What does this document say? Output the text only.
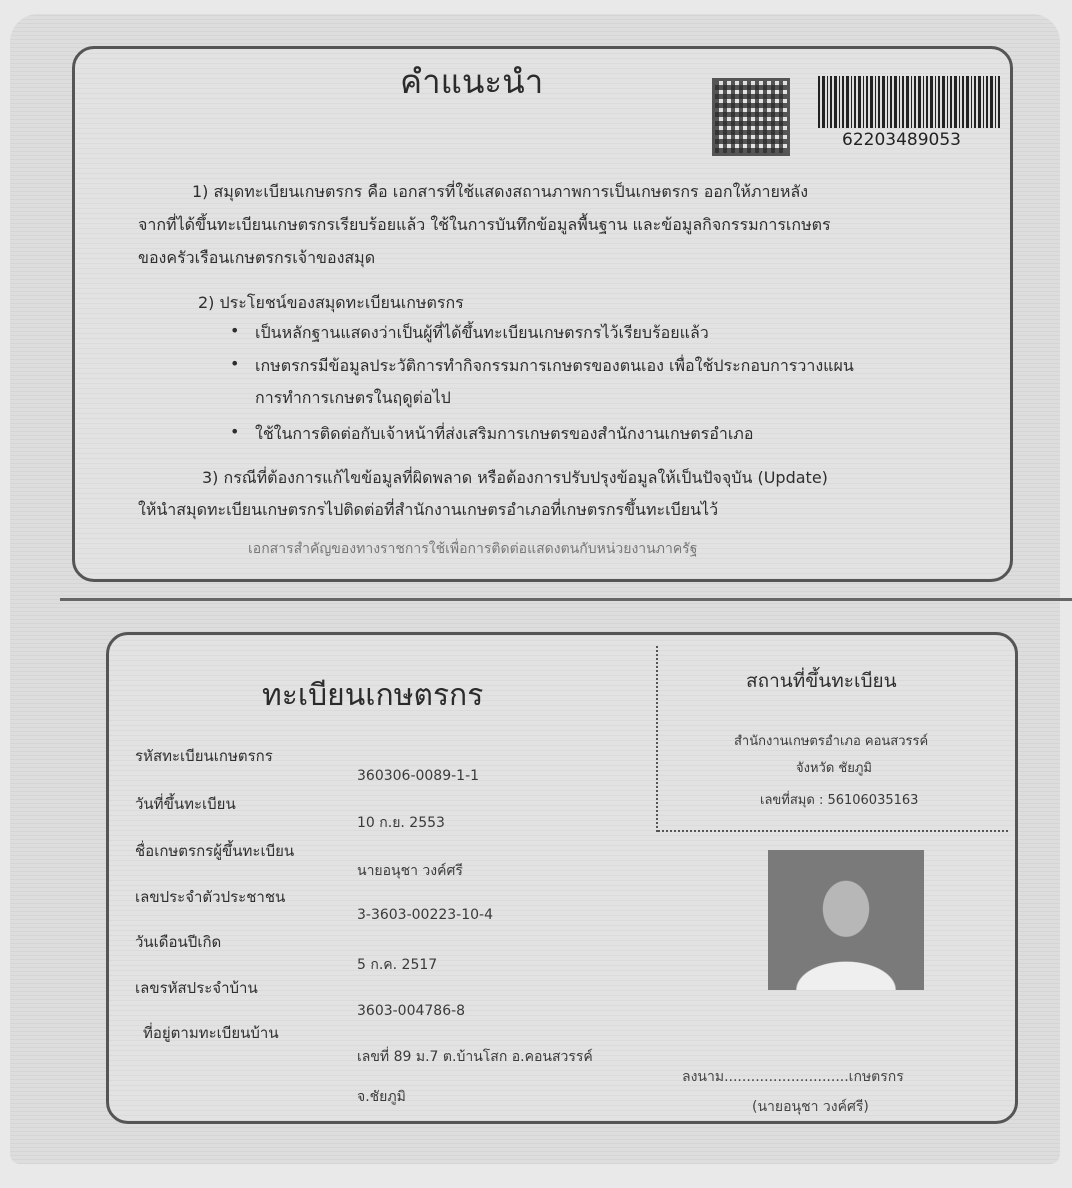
คำแนะนำ
62203489053
1) สมุดทะเบียนเกษตรกร คือ เอกสารที่ใช้แสดงสถานภาพการเป็นเกษตรกร ออกให้ภายหลัง
จากที่ได้ขึ้นทะเบียนเกษตรกรเรียบร้อยแล้ว ใช้ในการบันทึกข้อมูลพื้นฐาน และข้อมูลกิจกรรมการเกษตร
ของครัวเรือนเกษตรกรเจ้าของสมุด
2) ประโยชน์ของสมุดทะเบียนเกษตรกร
• เป็นหลักฐานแสดงว่าเป็นผู้ที่ได้ขึ้นทะเบียนเกษตรกรไว้เรียบร้อยแล้ว
• เกษตรกรมีข้อมูลประวัติการทำกิจกรรมการเกษตรของตนเอง เพื่อใช้ประกอบการวางแผน
การทำการเกษตรในฤดูต่อไป
• ใช้ในการติดต่อกับเจ้าหน้าที่ส่งเสริมการเกษตรของสำนักงานเกษตรอำเภอ
3) กรณีที่ต้องการแก้ไขข้อมูลที่ผิดพลาด หรือต้องการปรับปรุงข้อมูลให้เป็นปัจจุบัน (Update)
ให้นำสมุดทะเบียนเกษตรกรไปติดต่อที่สำนักงานเกษตรอำเภอที่เกษตรกรขึ้นทะเบียนไว้
เอกสารสำคัญของทางราชการใช้เพื่อการติดต่อแสดงตนกับหน่วยงานภาครัฐ
ทะเบียนเกษตรกร
รหัสทะเบียนเกษตรกร
360306-0089-1-1
วันที่ขึ้นทะเบียน
10 ก.ย. 2553
ชื่อเกษตรกรผู้ขึ้นทะเบียน
นายอนุชา วงค์ศรี
เลขประจำตัวประชาชน
3-3603-00223-10-4
วันเดือนปีเกิด
5 ก.ค. 2517
เลขรหัสประจำบ้าน
3603-004786-8
ที่อยู่ตามทะเบียนบ้าน
เลขที่ 89 ม.7 ต.บ้านโสก อ.คอนสวรรค์
จ.ชัยภูมิ
สถานที่ขึ้นทะเบียน
สำนักงานเกษตรอำเภอ คอนสวรรค์
จังหวัด ชัยภูมิ
เลขที่สมุด : 56106035163
ลงนาม............................เกษตรกร
(นายอนุชา วงค์ศรี)
